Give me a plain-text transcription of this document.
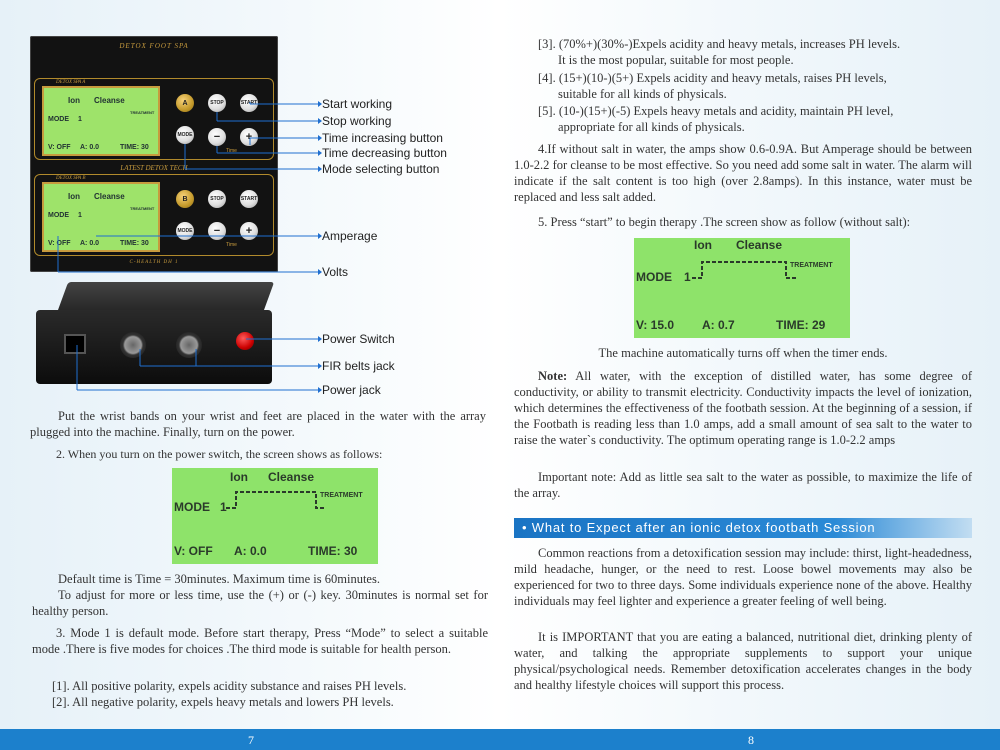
DETOX FOOT SPA
DETOX SPA A
Ion Cleanse
TREATMENT
MODE 1
V: OFF A: 0.0	TIME: 30
A	STOP	START
MODE	−	+
Time
LATEST DETOX TECH
DETOX SPA B
Ion Cleanse
TREATMENT
MODE 1
V: OFF A: 0.0	TIME: 30
B	STOP	START
MODE	−	+
Time
C-HEALTH DH 1
Start working
Stop working
Time increasing button
Time decreasing button
Mode selecting button
Amperage
Volts
Power Switch
FIR belts jack
Power jack
Put the wrist bands on your wrist and feet are placed in the water with the array plugged into the machine. Finally, turn on the power.
2. When you turn on the power switch, the screen shows as follows:
Ion Cleanse
TREATMENT
MODE 1
V: OFF A: 0.0	TIME: 30
Default time is Time = 30minutes. Maximum time is 60minutes.
To adjust for more or less time, use the (+) or (-) key. 30minutes is normal set for healthy person.
3. Mode 1 is default mode. Before start therapy, Press “Mode” to select a suitable mode .There is five modes for choices .The third mode is suitable for health person.
[1]. All positive polarity, expels acidity substance and raises PH levels.
[2]. All negative polarity, expels heavy metals and lowers PH levels.
[3]. (70%+)(30%-)Expels acidity and heavy metals, increases PH levels.
It is the most popular, suitable for most people.
[4]. (15+)(10-)(5+) Expels acidity and heavy metals, raises PH levels,
suitable for all kinds of physicals.
[5]. (10-)(15+)(-5) Expels heavy metals and acidity, maintain PH level,
appropriate for all kinds of physicals.
4.If without salt in water, the amps show 0.6-0.9A. But Amperage should be between 1.0-2.2 for cleanse to be most effective. So you need add some salt in water. The alarm will indicate if the salt content is too high (over 2.8amps). In this instance, water must be replaced and less salt added.
5. Press “start” to begin therapy .The screen show as follow (without salt):
Ion Cleanse
TREATMENT
MODE 1
V: 15.0 A: 0.7	TIME: 29
The machine automatically turns off when the timer ends.
Note: All water, with the exception of distilled water, has some degree of conductivity, or ability to transmit electricity. Conductivity impacts the level of ionization, which determines the effectiveness of the footbath session. At the beginning of a session, if the Footbath is reading less than 1.0 amps, add a small amount of sea salt to the water to raise the water`s conductivity. The optimum operating range is 1.0-2.2 amps
Important note: Add as little sea salt to the water as possible, to maximize the life of the array.
• What to Expect after an ionic detox footbath Session
Common reactions from a detoxification session may include: thirst, light-headedness, mild headache, hunger, or the need to rest. Loose bowel movements may also be experienced for two to three days. Some individuals experience none of the above. Healthy individuals may feel lighter and experience a greater feeling of well being.
It is IMPORTANT that you are eating a balanced, nutritional diet, drinking plenty of water, and talking the appropriate supplements to support your unique physical/psychological needs. Remember detoxification accelerates changes in the body and healthy lifestyle choices will support this process.
7	8
